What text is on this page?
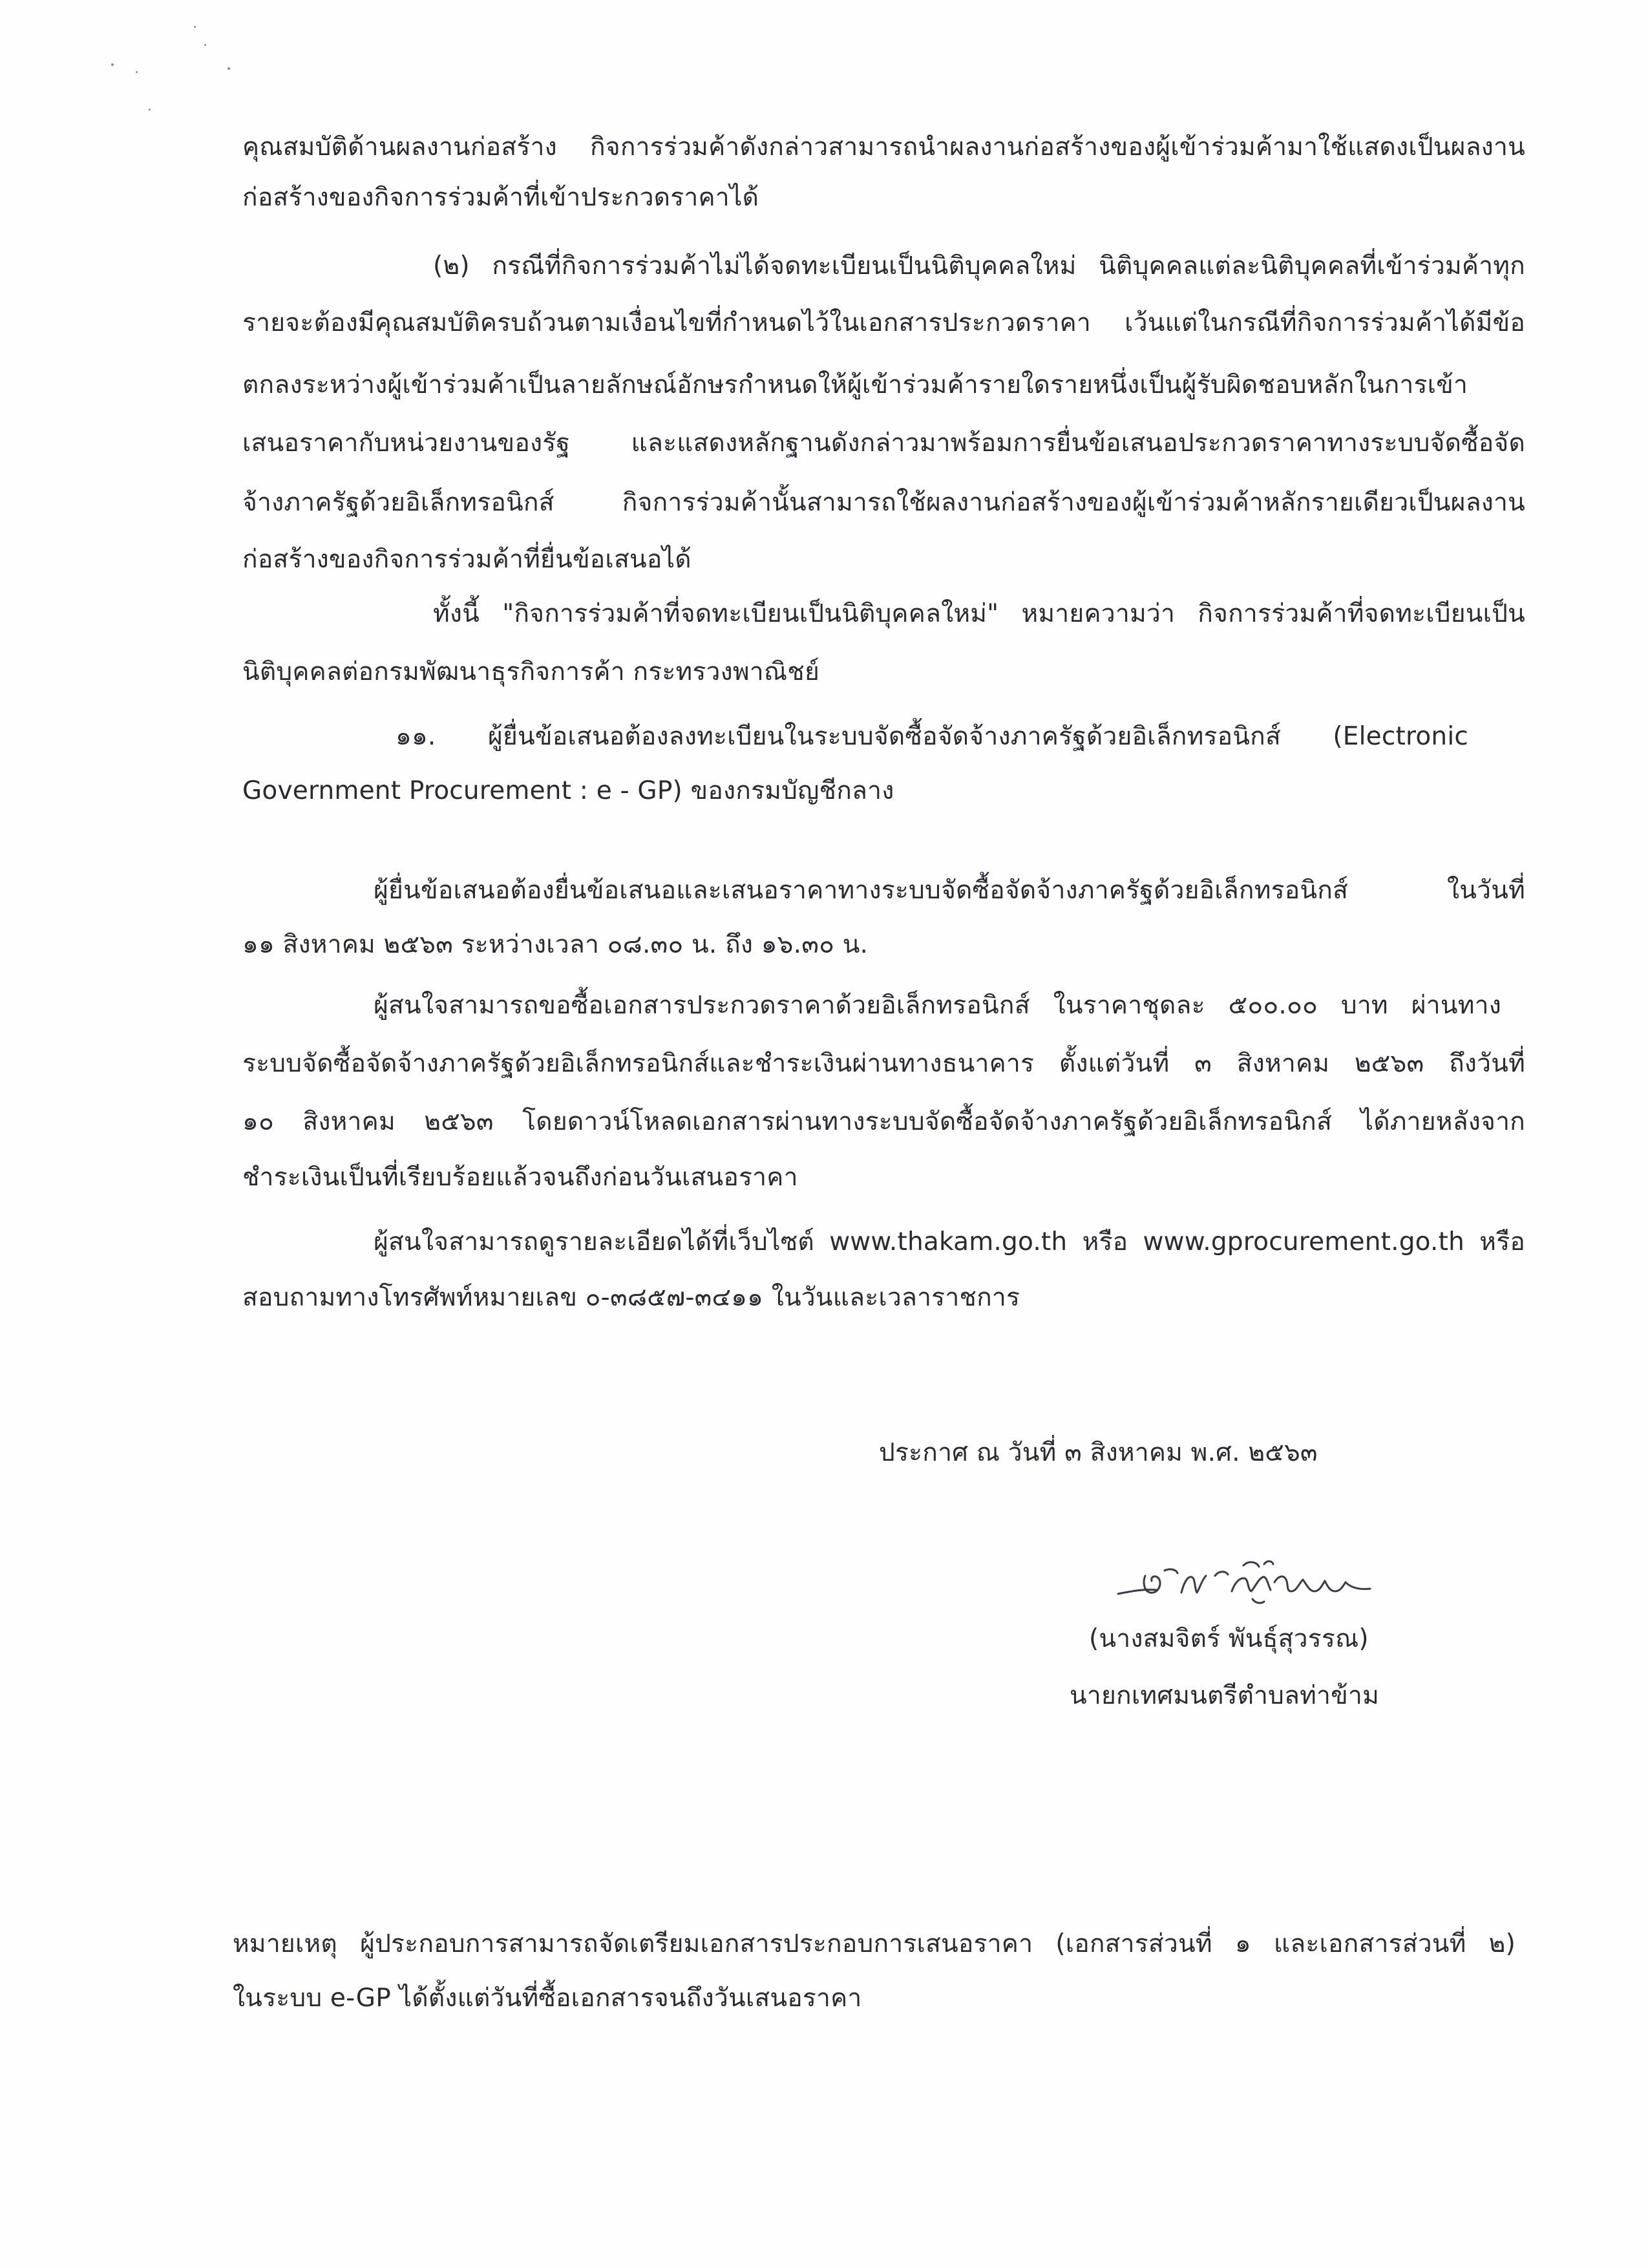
คุณสมบัติด้านผลงานก่อสร้าง กิจการร่วมค้าดังกล่าวสามารถนำผลงานก่อสร้างของผู้เข้าร่วมค้ามาใช้แสดงเป็นผลงาน
ก่อสร้างของกิจการร่วมค้าที่เข้าประกวดราคาได้
(๒) กรณีที่กิจการร่วมค้าไม่ได้จดทะเบียนเป็นนิติบุคคลใหม่ นิติบุคคลแต่ละนิติบุคคลที่เข้าร่วมค้าทุก
รายจะต้องมีคุณสมบัติครบถ้วนตามเงื่อนไขที่กำหนดไว้ในเอกสารประกวดราคา เว้นแต่ในกรณีที่กิจการร่วมค้าได้มีข้อ
ตกลงระหว่างผู้เข้าร่วมค้าเป็นลายลักษณ์อักษรกำหนดให้ผู้เข้าร่วมค้ารายใดรายหนึ่งเป็นผู้รับผิดชอบหลักในการเข้า
เสนอราคากับหน่วยงานของรัฐ และแสดงหลักฐานดังกล่าวมาพร้อมการยื่นข้อเสนอประกวดราคาทางระบบจัดซื้อจัด
จ้างภาครัฐด้วยอิเล็กทรอนิกส์ กิจการร่วมค้านั้นสามารถใช้ผลงานก่อสร้างของผู้เข้าร่วมค้าหลักรายเดียวเป็นผลงาน
ก่อสร้างของกิจการร่วมค้าที่ยื่นข้อเสนอได้
ทั้งนี้ "กิจการร่วมค้าที่จดทะเบียนเป็นนิติบุคคลใหม่" หมายความว่า กิจการร่วมค้าที่จดทะเบียนเป็น
นิติบุคคลต่อกรมพัฒนาธุรกิจการค้า กระทรวงพาณิชย์
๑๑. ผู้ยื่นข้อเสนอต้องลงทะเบียนในระบบจัดซื้อจัดจ้างภาครัฐด้วยอิเล็กทรอนิกส์ (Electronic
Government Procurement : e - GP) ของกรมบัญชีกลาง
ผู้ยื่นข้อเสนอต้องยื่นข้อเสนอและเสนอราคาทางระบบจัดซื้อจัดจ้างภาครัฐด้วยอิเล็กทรอนิกส์ ในวันที่
๑๑ สิงหาคม ๒๕๖๓ ระหว่างเวลา ๐๘.๓๐ น. ถึง ๑๖.๓๐ น.
ผู้สนใจสามารถขอซื้อเอกสารประกวดราคาด้วยอิเล็กทรอนิกส์ ในราคาชุดละ ๕๐๐.๐๐ บาท ผ่านทาง
ระบบจัดซื้อจัดจ้างภาครัฐด้วยอิเล็กทรอนิกส์และชำระเงินผ่านทางธนาคาร ตั้งแต่วันที่ ๓ สิงหาคม ๒๕๖๓ ถึงวันที่
๑๐ สิงหาคม ๒๕๖๓ โดยดาวน์โหลดเอกสารผ่านทางระบบจัดซื้อจัดจ้างภาครัฐด้วยอิเล็กทรอนิกส์ ได้ภายหลังจาก
ชำระเงินเป็นที่เรียบร้อยแล้วจนถึงก่อนวันเสนอราคา
ผู้สนใจสามารถดูรายละเอียดได้ที่เว็บไซต์ www.thakam.go.th หรือ www.gprocurement.go.th หรือ
สอบถามทางโทรศัพท์หมายเลข ๐-๓๘๕๗-๓๔๑๑ ในวันและเวลาราชการ
ประกาศ ณ วันที่ ๓ สิงหาคม พ.ศ. ๒๕๖๓
(นางสมจิตร์ พันธุ์สุวรรณ)
นายกเทศมนตรีตำบลท่าข้าม
หมายเหตุ ผู้ประกอบการสามารถจัดเตรียมเอกสารประกอบการเสนอราคา (เอกสารส่วนที่ ๑ และเอกสารส่วนที่ ๒)
ในระบบ e-GP ได้ตั้งแต่วันที่ซื้อเอกสารจนถึงวันเสนอราคา
